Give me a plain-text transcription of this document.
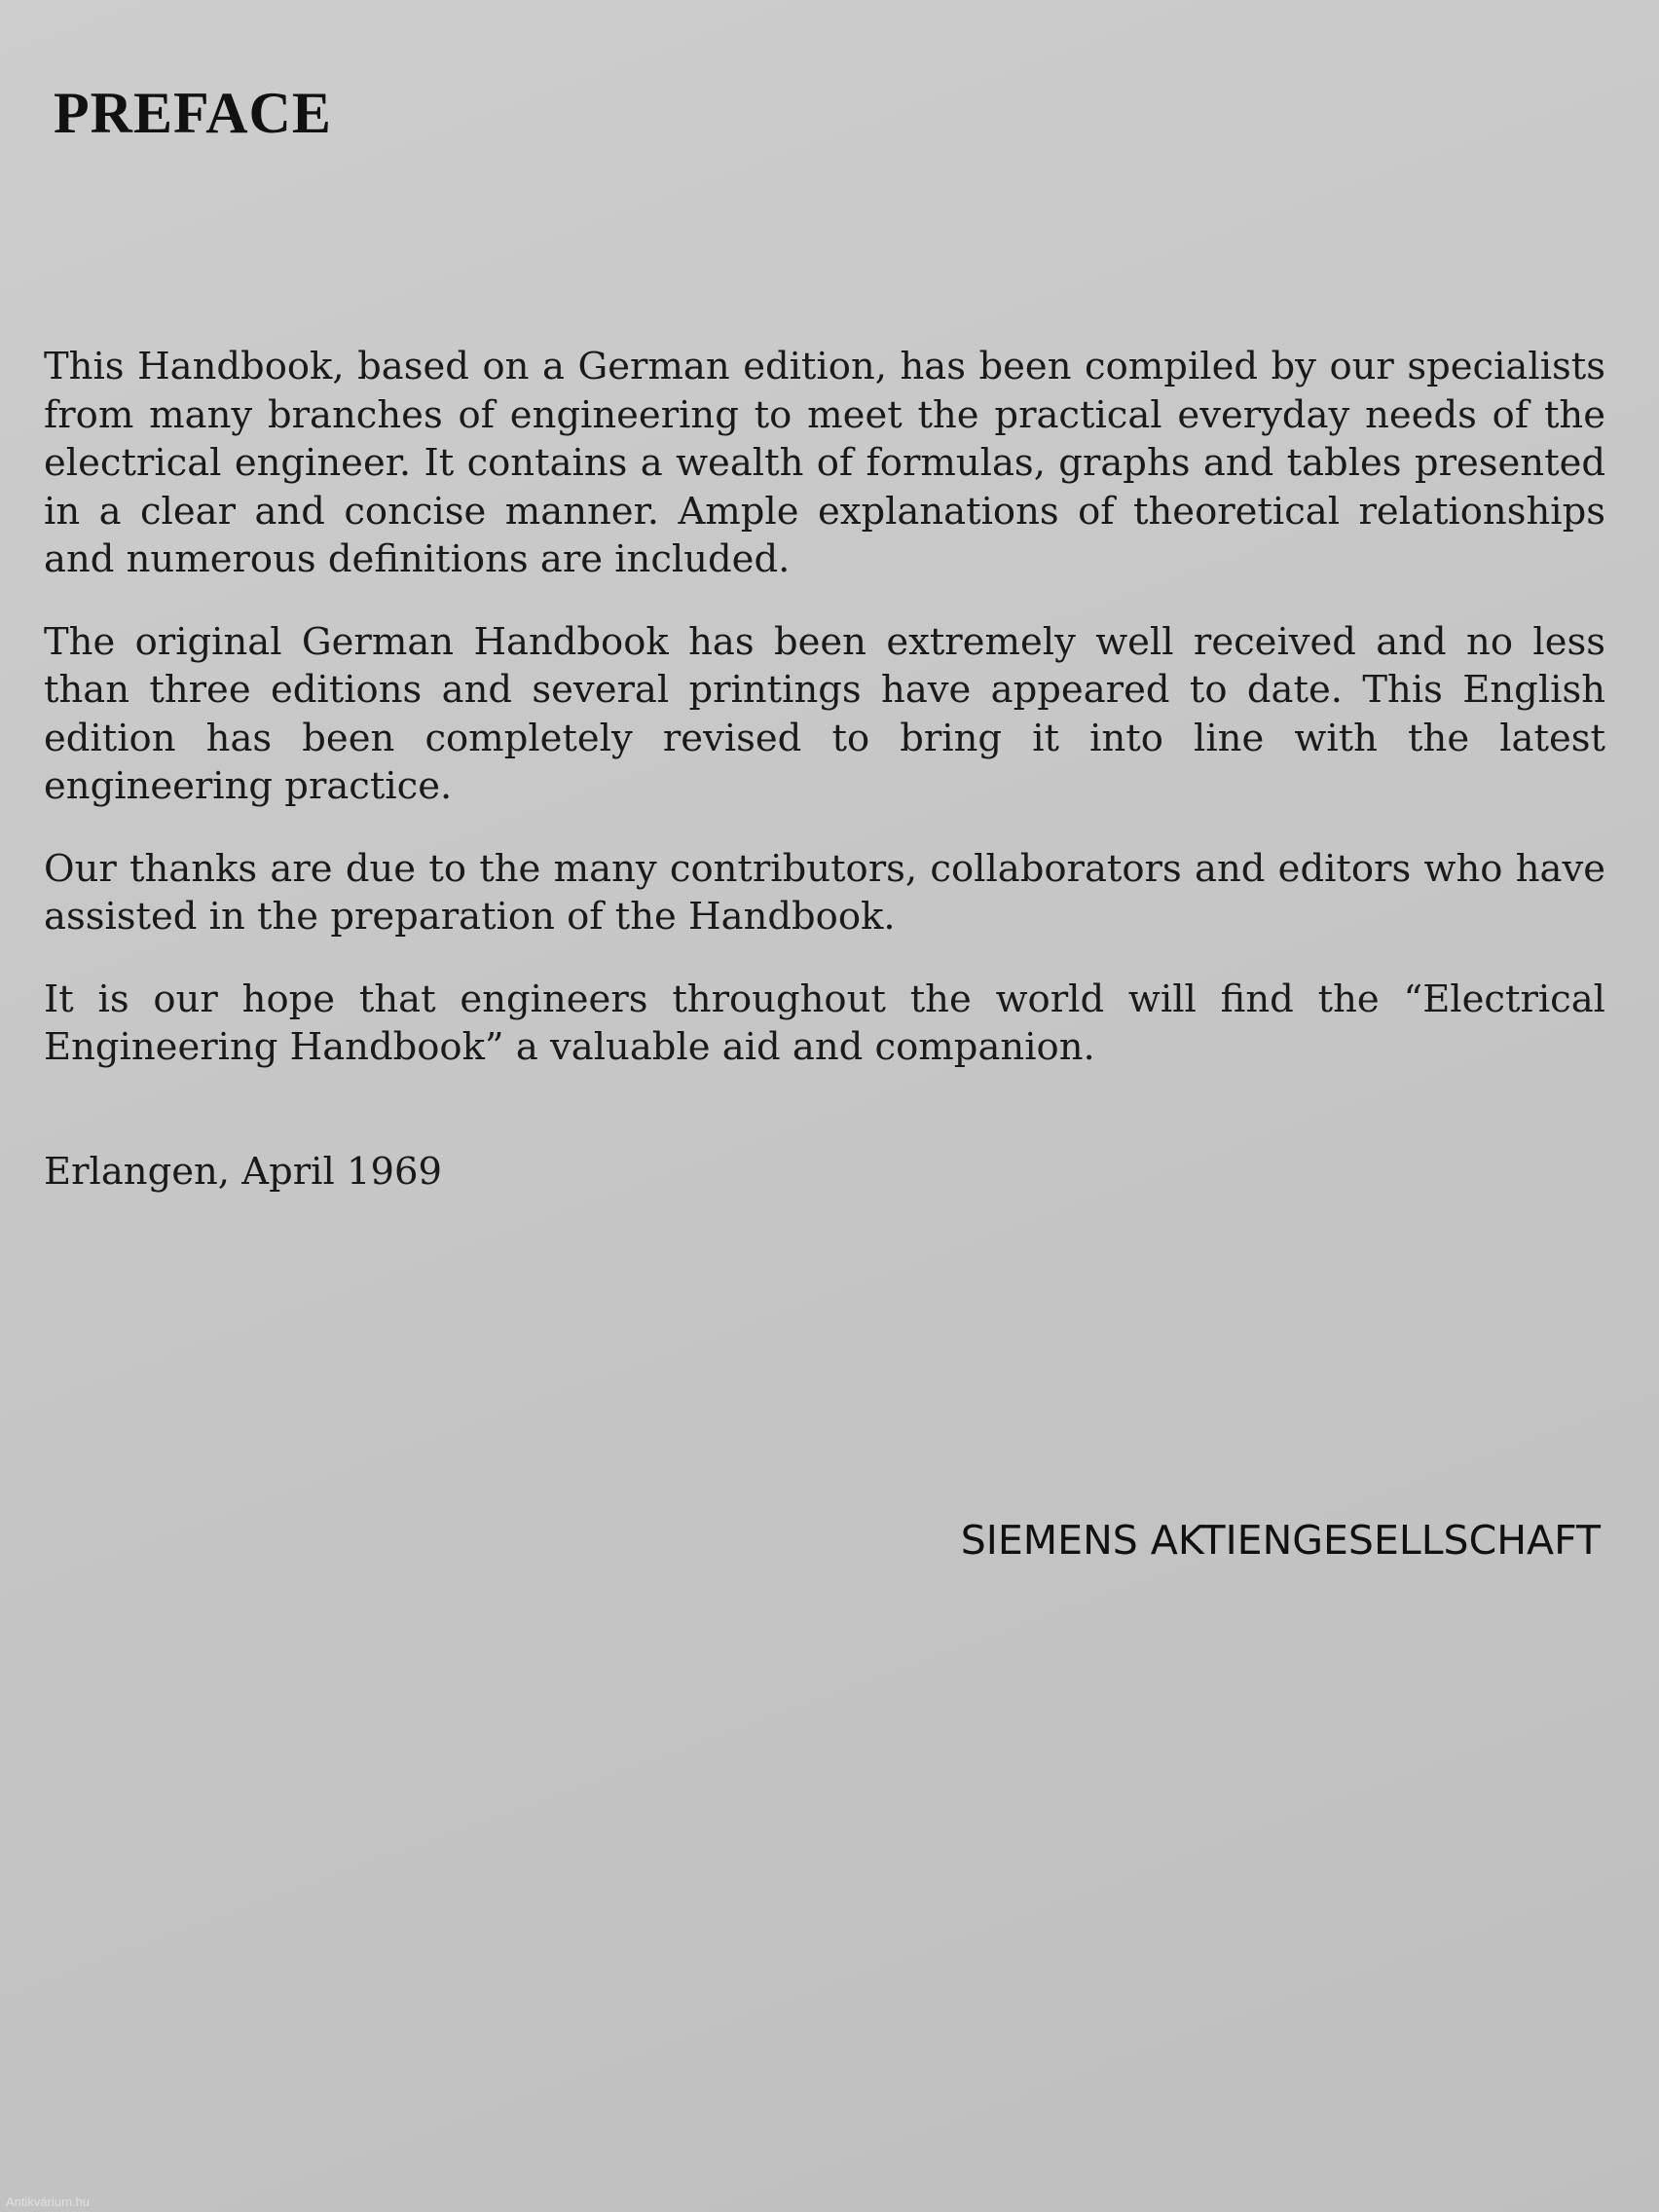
PREFACE

This Handbook, based on a German edition, has been compiled by our specialists from many branches of engineering to meet the practical everyday needs of the electrical engineer. It contains a wealth of formulas, graphs and tables presented in a clear and concise manner. Ample explanations of theoretical relationships and numerous definitions are included.

The original German Handbook has been extremely well received and no less than three editions and several printings have appeared to date. This English edition has been completely revised to bring it into line with the latest engineering practice.

Our thanks are due to the many contributors, collaborators and editors who have assisted in the preparation of the Handbook.

It is our hope that engineers throughout the world will find the “Electrical Engineering Handbook” a valuable aid and companion.

Erlangen, April 1969

SIEMENS AKTIENGESELLSCHAFT

Antikvárium.hu
